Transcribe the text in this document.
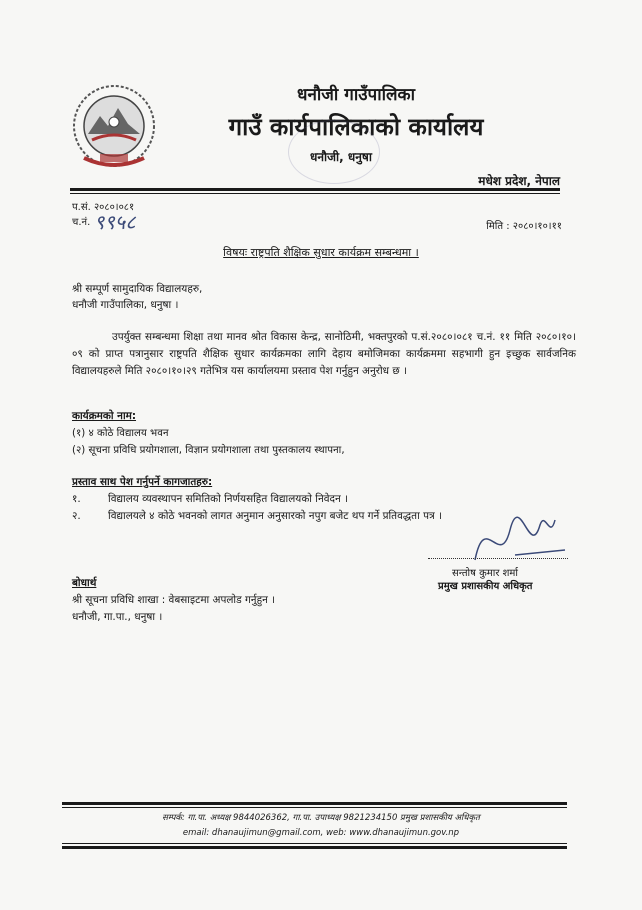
धनौजी गाउँपालिका
गाउँ कार्यपालिकाको कार्यालय
धनौजी, धनुषा
मधेश प्रदेश, नेपाल
प.सं. २०८०।०८१
च.नं. ९९५८	मिति : २०८०।१०।११
विषयः राष्ट्रपति शैक्षिक सुधार कार्यक्रम सम्बन्धमा ।
श्री सम्पूर्ण सामुदायिक विद्यालयहरु,
धनौजी गाउँपालिका, धनुषा ।
उपर्युक्त सम्बन्धमा शिक्षा तथा मानव श्रोत विकास केन्द्र, सानोठिमी, भक्तपुरको प.सं.२०८०।०८१ च.नं. ११ मिति २०८०।१०।०९ को प्राप्त पत्रानुसार राष्ट्रपति शैक्षिक सुधार कार्यक्रमका लागि देहाय बमोजिमका कार्यक्रममा सहभागी हुन इच्छुक सार्वजनिक विद्यालयहरुले मिति २०८०।१०।२९ गतेभित्र यस कार्यालयमा प्रस्ताव पेश गर्नुहुन अनुरोध छ ।
कार्यक्रमको नाम:
(१) ४ कोठे विद्यालय भवन
(२) सूचना प्रविधि प्रयोगशाला, विज्ञान प्रयोगशाला तथा पुस्तकालय स्थापना,
प्रस्ताव साथ पेश गर्नुपर्ने कागजातहरु:
१.	विद्यालय व्यवस्थापन समितिको निर्णयसहित विद्यालयको निवेदन ।
२.	विद्यालयले ४ कोठे भवनको लागत अनुमान अनुसारको नपुग बजेट थप गर्ने प्रतिवद्धता पत्र ।
सन्तोष कुमार शर्मा
प्रमुख प्रशासकीय अधिकृत
बोधार्थ
श्री सूचना प्रविधि शाखा : वेबसाइटमा अपलोड गर्नुहुन ।
धनौजी, गा.पा., धनुषा ।
सम्पर्क: गा.पा. अध्यक्ष 9844026362, गा.पा. उपाध्यक्ष 9821234150 प्रमुख प्रशासकीय अधिकृत
email: dhanaujimun@gmail.com, web: www.dhanaujimun.gov.np
